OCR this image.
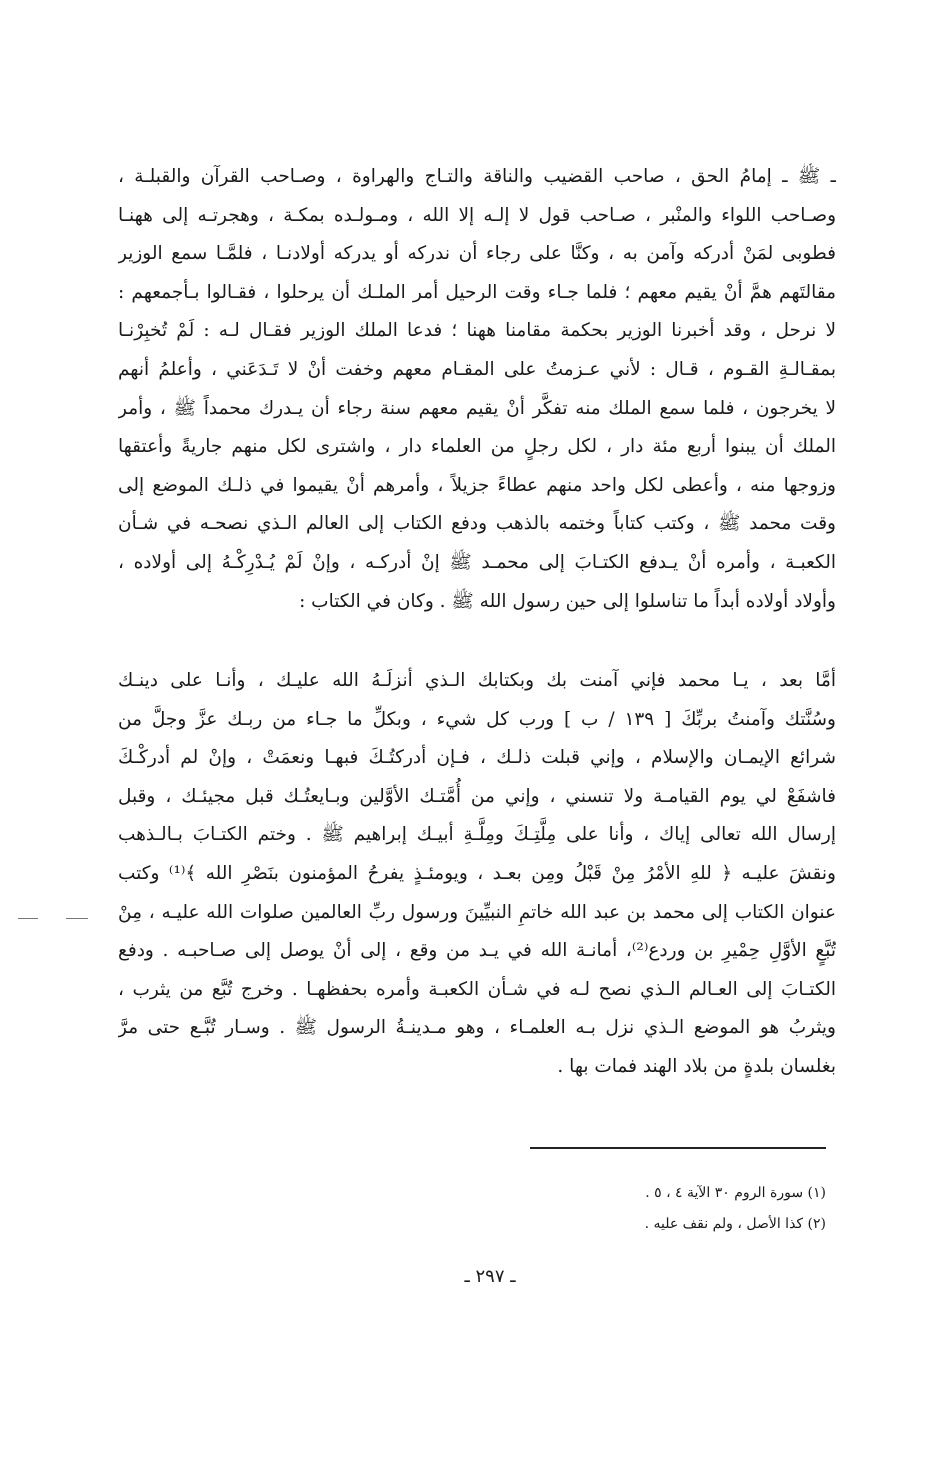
ـ ﷺ ـ إمامُ الحق ، صاحب القضيب والناقة والتـاج والهراوة ، وصـاحب القرآن والقبلـة ،
وصـاحب اللواء والمنْبر ، صـاحب قول لا إلـه إلا الله ، ومـولـده بمكـة ، وهجرتـه إلى ههنـا
فطوبى لمَنْ أدركه وآمن به ، وكنَّا على رجاء أن ندركه أو يدركه أولادنـا ، فلمَّـا سمع الوزير
مقالتَهم همَّ أنْ يقيم معهم ؛ فلما جـاء وقت الرحيل أمر الملـك أن يرحلوا ، فقـالوا بـأجمعهم :
لا نرحل ، وقد أخبرنا الوزير بحكمة مقامنا ههنا ؛ فدعا الملك الوزير فقـال لـه : لَمْ تُخبِرْنـا
بمقـالـةِ القـوم ، قـال : لأني عـزمتُ على المقـام معهم وخفت أنْ لا تَـدَعَني ، وأعلمُ أنهم
لا يخرجون ، فلما سمع الملك منه تفكَّر أنْ يقيم معهم سنة رجاء أن يـدرك محمداً ﷺ ، وأمر
الملك أن يبنوا أربع مئة دار ، لكل رجلٍ من العلماء دار ، واشترى لكل منهم جاريةً وأعتقها
وزوجها منه ، وأعطى لكل واحد منهم عطاءً جزيلاً ، وأمرهم أنْ يقيموا في ذلـك الموضع إلى
وقت محمد ﷺ ، وكتب كتاباً وختمه بالذهب ودفع الكتاب إلى العالم الـذي نصحـه في شـأن
الكعبـة ، وأمره أنْ يـدفع الكتـابَ إلى محمـد ﷺ إنْ أدركـه ، وإنْ لَمْ يُـدْرِكْـهُ إلى أولاده ،
وأولاد أولاده أبداً ما تناسلوا إلى حين رسول الله ﷺ . وكان في الكتاب :
أمَّا بعد ، يـا محمد فإني آمنت بك وبكتابك الـذي أنزلَـهُ الله عليـك ، وأنـا على دينـك
وسُنَّتك وآمنتُ بربِّكَ [ ١٣٩ / ب ] ورب كل شيء ، وبكلِّ ما جـاء من ربـك عزَّ وجلَّ من
شرائع الإيمـان والإسلام ، وإني قبلت ذلـك ، فـإن أدركتُـكَ فبهـا ونعمَتْ ، وإنْ لم أدركْـكَ
فاشفَعْ لي يوم القيامـة ولا تنسني ، وإني من أُمَّتـك الأوَّلين وبـايعتُـك قبل مجيئـك ، وقبل
إرسال الله تعالى إياك ، وأنا على مِلَّتِـكَ ومِلَّـةِ أبيـك إبراهيم ﷺ . وختم الكتـابَ بـالـذهب
ونقشَ عليـه ﴿ للهِ الأمْرُ مِنْ قَبْلُ ومِن بعـد ، ويومئـذٍ يفرحُ المؤمنون بنَصْرِ الله ﴾⁽¹⁾ وكتب
عنوان الكتاب إلى محمد بن عبد الله خاتمِ النبيِّينَ ورسول ربِّ العالمين صلوات الله عليـه ، مِنْ
تُبَّعٍ الأوَّلِ حِمْيرِ بن وردع⁽²⁾، أمانـة الله في يـد من وقع ، إلى أنْ يوصل إلى صـاحبـه . ودفع
الكتـابَ إلى العـالم الـذي نصح لـه في شـأن الكعبـة وأمره بحفظهـا . وخرج تُبَّع من يثرب ،
ويثربُ هو الموضع الـذي نزل بـه العلمـاء ، وهو مـدينـةُ الرسول ﷺ . وسـار تُبَّـع حتى مرَّ
بغلسان بلدةٍ من بلاد الهند فمات بها .
(١) سورة الروم ٣٠ الآية ٤ ، ٥ .
(٢) كذا الأصل ، ولم نقف عليه .
ـ ٢٩٧ ـ
